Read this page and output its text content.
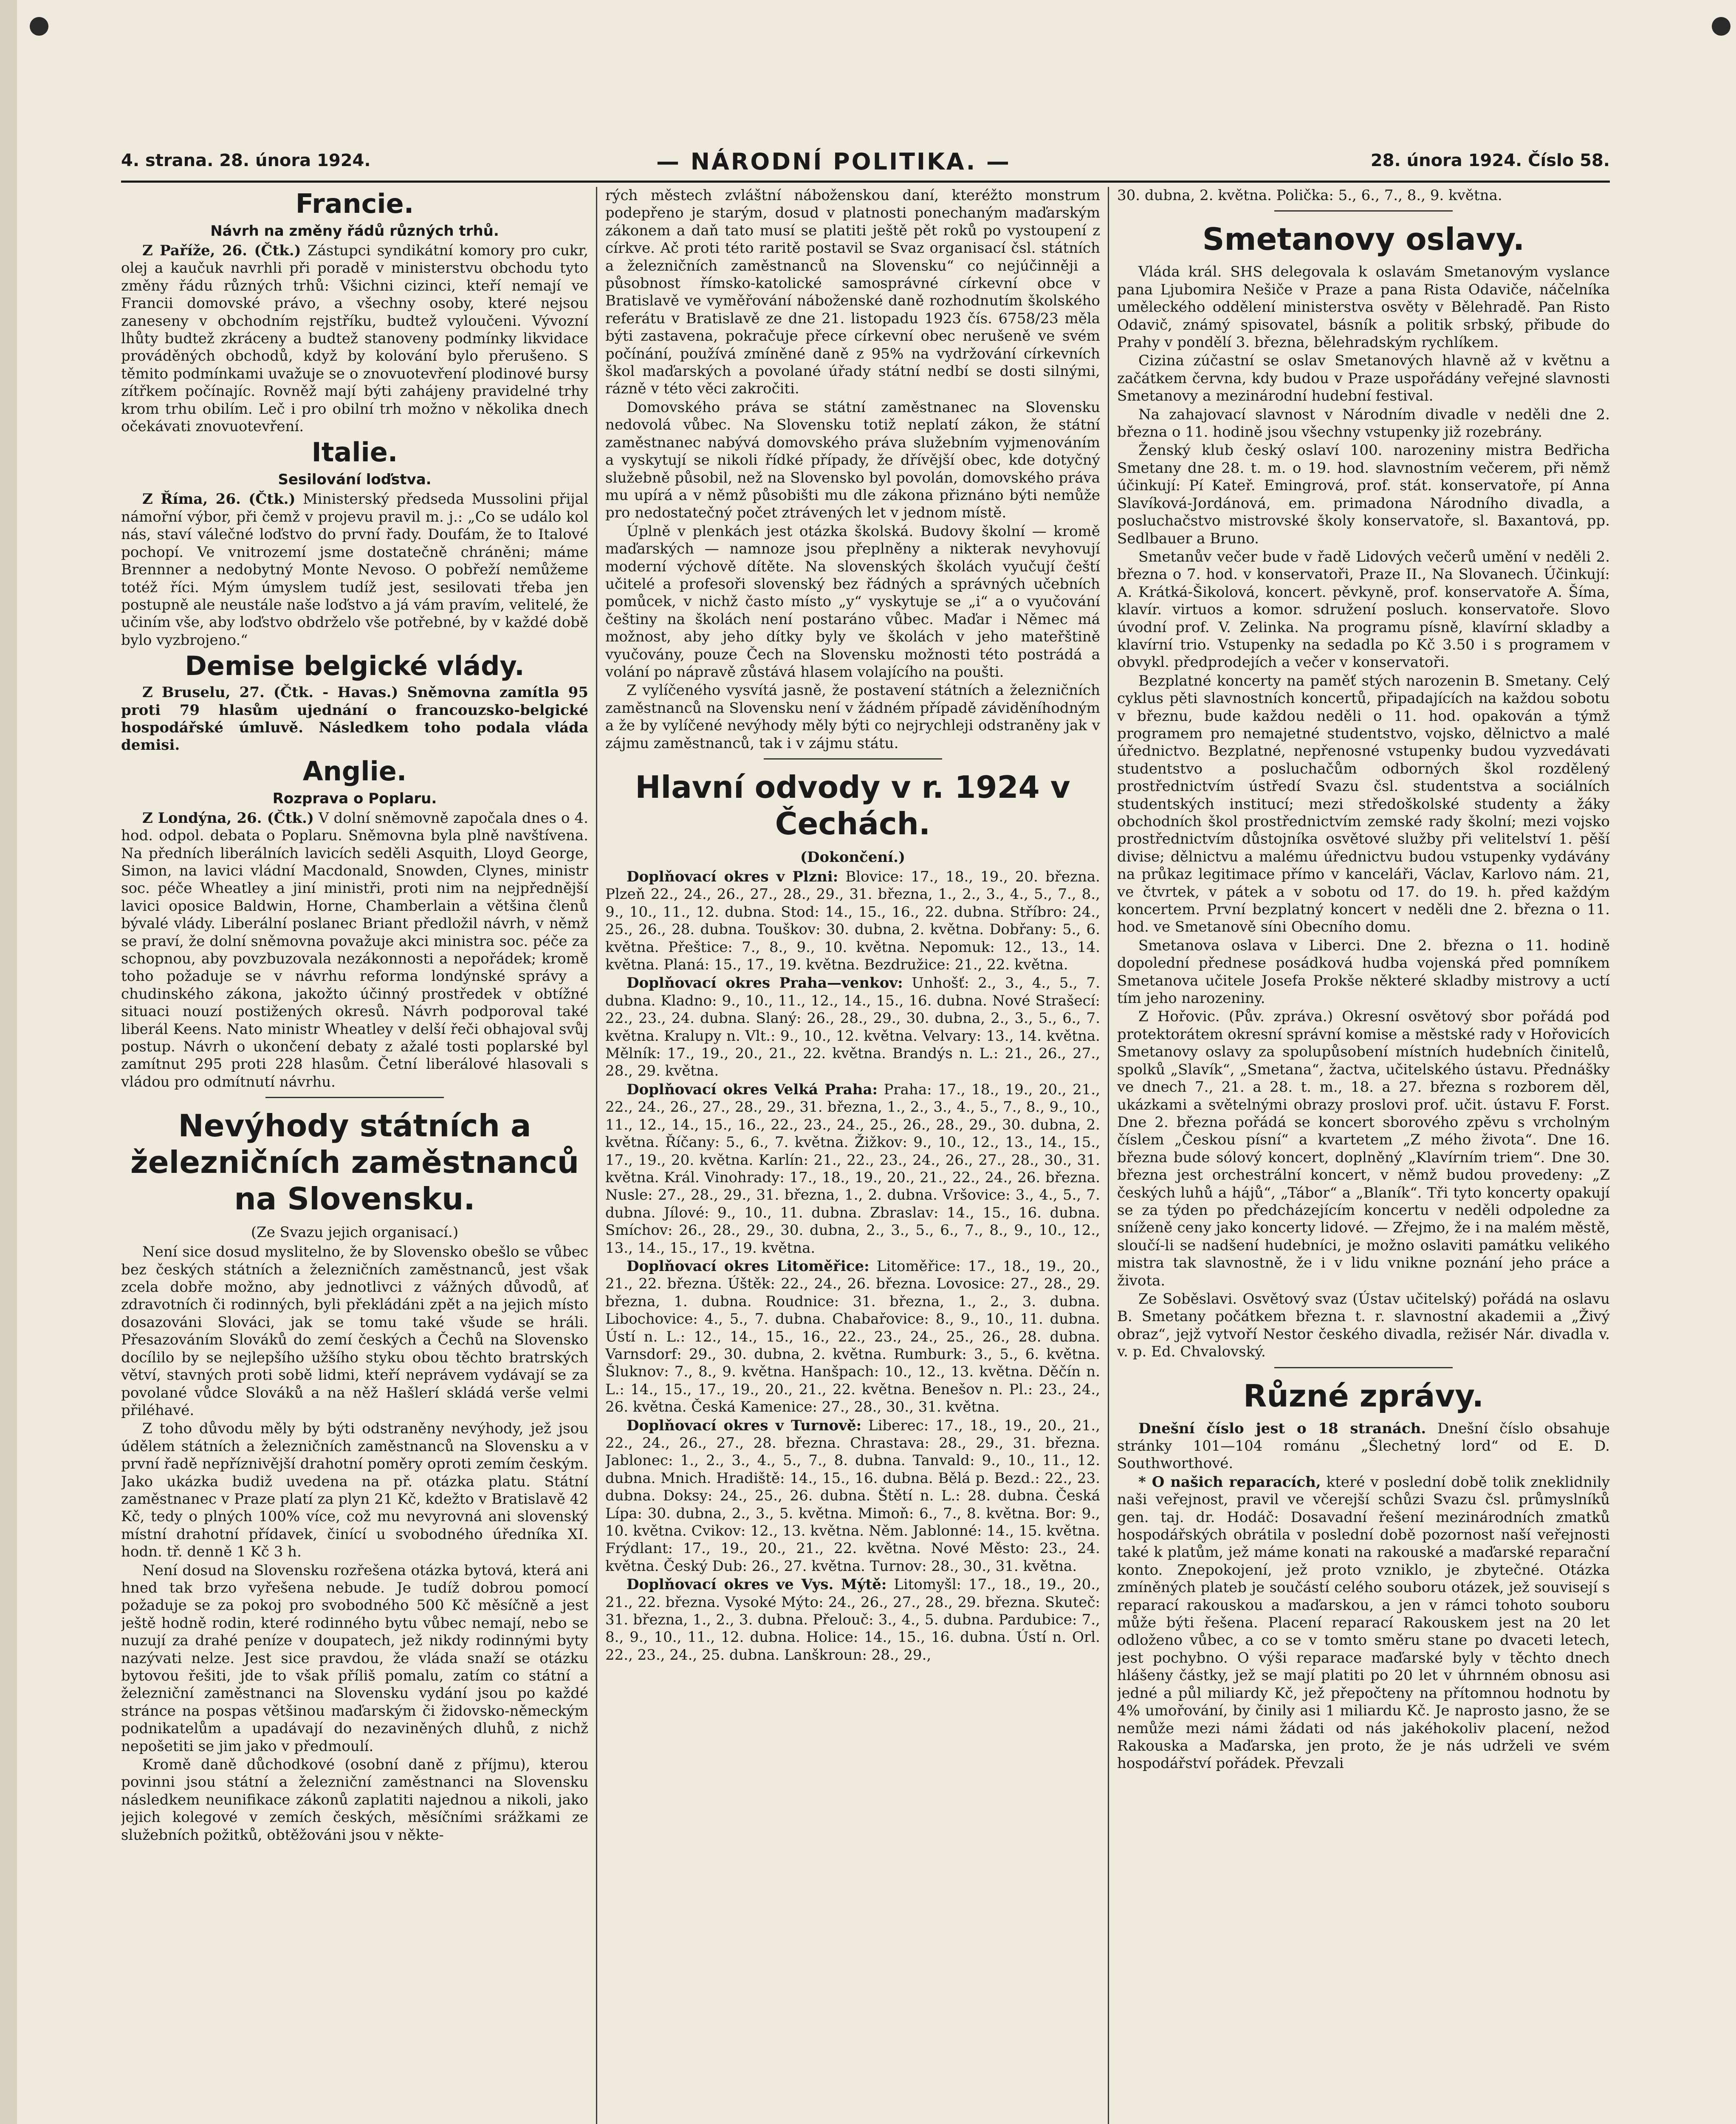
4. strana. 28. února 1924.	— NÁRODNÍ POLITIKA. —	28. února 1924. Číslo 58.
Francie.
Návrh na změny řádů různých trhů.

Z Paříže, 26. (Čtk.) Zástupci syndikátní komory pro cukr, olej a kaučuk navrhli při poradě v ministerstvu obchodu tyto změny řádu různých trhů: Všichni cizinci, kteří nemají ve Francii domovské právo, a všechny osoby, které nejsou zaneseny v obchodním rejstříku, budtež vyloučeni. Vývozní lhůty budtež zkráceny a budtež stanoveny podmínky likvidace prováděných obchodů, když by kolování bylo přerušeno. S těmito podmínkami uvažuje se o znovuotevření plodinové bursy zítřkem počínajíc. Rovněž mají býti zahájeny pravidelné trhy krom trhu obilím. Leč i pro obilní trh možno v několika dnech očekávati znovuotevření.

Italie.
Sesilování loďstva.

Z Říma, 26. (Čtk.) Ministerský předseda Mussolini přijal námořní výbor, při čemž v projevu pravil m. j.: „Co se událo kol nás, staví válečné loďstvo do první řady. Doufám, že to Italové pochopí. Ve vnitrozemí jsme dostatečně chráněni; máme Brennner a nedobytný Monte Nevoso. O pobřeží nemůžeme totéž říci. Mým úmyslem tudíž jest, sesilovati třeba jen postupně ale neustále naše loďstvo a já vám pravím, velitelé, že učiním vše, aby loďstvo obdrželo vše potřebné, by v každé době bylo vyzbrojeno.“

Demise belgické vlády.

Z Bruselu, 27. (Čtk. - Havas.) Sněmovna zamítla 95 proti 79 hlasům ujednání o francouzsko-belgické hospodářské úmluvě. Následkem toho podala vláda demisi.

Anglie.
Rozprava o Poplaru.

Z Londýna, 26. (Čtk.) V dolní sněmovně započala dnes o 4. hod. odpol. debata o Poplaru. Sněmovna byla plně navštívena. Na předních liberálních lavicích seděli Asquith, Lloyd George, Simon, na lavici vládní Macdonald, Snowden, Clynes, ministr soc. péče Wheatley a jiní ministři, proti nim na nejpřednější lavici oposice Baldwin, Horne, Chamberlain a většina členů bývalé vlády. Liberální poslanec Briant předložil návrh, v němž se praví, že dolní sněmovna považuje akci ministra soc. péče za schopnou, aby povzbuzovala nezákonnosti a nepořádek; kromě toho požaduje se v návrhu reforma londýnské správy a chudinského zákona, jakožto účinný prostředek v obtížné situaci nouzí postižených okresů. Návrh podporoval také liberál Keens. Nato ministr Wheatley v delší řeči obhajoval svůj postup. Návrh o ukončení debaty z ažalé tosti poplarské byl zamítnut 295 proti 228 hlasům. Četní liberálové hlasovali s vládou pro odmítnutí návrhu.

Nevýhody státních a železničních zaměstnanců na Slovensku.

(Ze Svazu jejich organisací.)

Není sice dosud myslitelno, že by Slovensko obešlo se vůbec bez českých státních a železničních zaměstnanců, jest však zcela dobře možno, aby jednotlivci z vážných důvodů, ať zdravotních či rodinných, byli překládáni zpět a na jejich místo dosazováni Slováci, jak se tomu také všude se hráli. Přesazováním Slováků do zemí českých a Čechů na Slovensko docílilo by se nejlepšího užšího styku obou těchto bratrských větví, stavných proti sobě lidmi, kteří neprávem vydávají se za povolané vůdce Slováků a na něž Hašlerí skládá verše velmi přiléhavé.

Z toho důvodu měly by býti odstraněny nevýhody, jež jsou údělem státních a železničních zaměstnanců na Slovensku a v první řadě nepříznivější drahotní poměry oproti zemím českým. Jako ukázka budiž uvedena na př. otázka platu. Státní zaměstnanec v Praze platí za plyn 21 Kč, kdežto v Bratislavě 42 Kč, tedy o plných 100% více, což mu nevyrovná ani slovenský místní drahotní přídavek, činící u svobodného úředníka XI. hodn. tř. denně 1 Kč 3 h.

Není dosud na Slovensku rozřešena otázka bytová, která ani hned tak brzo vyřešena nebude. Je tudíž dobrou pomocí požaduje se za pokoj pro svobodného 500 Kč měsíčně a jest ještě hodně rodin, které rodinného bytu vůbec nemají, nebo se nuzují za drahé peníze v doupatech, jež nikdy rodinnými byty nazývati nelze. Jest sice pravdou, že vláda snaží se otázku bytovou řešiti, jde to však příliš pomalu, zatím co státní a železniční zaměstnanci na Slovensku vydání jsou po každé stránce na pospas většinou maďarským či židovsko-německým podnikatelům a upadávají do nezaviněných dluhů, z nichž nepošetiti se jim jako v předmoulí.

Kromě daně důchodkové (osobní daně z příjmu), kterou povinni jsou státní a železniční zaměstnanci na Slovensku následkem neunifikace zákonů zaplatiti najednou a nikoli, jako jejich kolegové v zemích českých, měsíčními srážkami ze služebních požitků, obtěžováni jsou v někte-

rých městech zvláštní náboženskou daní, kteréžto monstrum podepřeno je starým, dosud v platnosti ponechaným maďarským zákonem a daň tato musí se platiti ještě pět roků po vystoupení z církve. Ač proti této raritě postavil se Svaz organisací čsl. státních a železničních zaměstnanců na Slovensku“ co nejúčinněji a působnost římsko-katolické samosprávné církevní obce v Bratislavě ve vyměřování náboženské daně rozhodnutím školského referátu v Bratislavě ze dne 21. listopadu 1923 čís. 6758/23 měla býti zastavena, pokračuje přece církevní obec nerušeně ve svém počínání, používá zmíněné daně z 95% na vydržování církevních škol maďarských a povolané úřady státní nedbí se dosti silnými, rázně v této věci zakročiti.

Domovského práva se státní zaměstnanec na Slovensku nedovolá vůbec. Na Slovensku totiž neplatí zákon, že státní zaměstnanec nabývá domovského práva služebním vyjmenováním a vyskytují se nikoli řídké případy, že dřívější obec, kde dotyčný služebně působil, než na Slovensko byl povolán, domovského práva mu upírá a v němž působišti mu dle zákona přiznáno býti nemůže pro nedostatečný počet ztrávených let v jednom místě.

Úplně v plenkách jest otázka školská. Budovy školní — kromě maďarských — namnoze jsou přeplněny a nikterak nevyhovují moderní výchově dítěte. Na slovenských školách vyučují čeští učitelé a profesoři slovenský bez řádných a správných učebních pomůcek, v nichž často místo „y“ vyskytuje se „i“ a o vyučování češtiny na školách není postaráno vůbec. Maďar i Němec má možnost, aby jeho dítky byly ve školách v jeho mateřštině vyučovány, pouze Čech na Slovensku možnosti této postrádá a volání po nápravě zůstává hlasem volajícího na poušti.

Z vylíčeného vysvítá jasně, že postavení státních a železničních zaměstnanců na Slovensku není v žádném případě záviděníhodným a že by vylíčené nevýhody měly býti co nejrychleji odstraněny jak v zájmu zaměstnanců, tak i v zájmu státu.

Hlavní odvody v r. 1924 v Čechách.

(Dokončení.)

Doplňovací okres v Plzni: Blovice: 17., 18., 19., 20. března. Plzeň 22., 24., 26., 27., 28., 29., 31. března, 1., 2., 3., 4., 5., 7., 8., 9., 10., 11., 12. dubna. Stod: 14., 15., 16., 22. dubna. Stříbro: 24., 25., 26., 28. dubna. Touškov: 30. dubna, 2. května. Dobřany: 5., 6. května. Přeštice: 7., 8., 9., 10. května. Nepomuk: 12., 13., 14. května. Planá: 15., 17., 19. května. Bezdružice: 21., 22. května.

Doplňovací okres Praha—venkov: Unhošť: 2., 3., 4., 5., 7. dubna. Kladno: 9., 10., 11., 12., 14., 15., 16. dubna. Nové Strašecí: 22., 23., 24. dubna. Slaný: 26., 28., 29., 30. dubna, 2., 3., 5., 6., 7. května. Kralupy n. Vlt.: 9., 10., 12. května. Velvary: 13., 14. května. Mělník: 17., 19., 20., 21., 22. května. Brandýs n. L.: 21., 26., 27., 28., 29. května.

Doplňovací okres Velká Praha: Praha: 17., 18., 19., 20., 21., 22., 24., 26., 27., 28., 29., 31. března, 1., 2., 3., 4., 5., 7., 8., 9., 10., 11., 12., 14., 15., 16., 22., 23., 24., 25., 26., 28., 29., 30. dubna, 2. května. Říčany: 5., 6., 7. května. Žižkov: 9., 10., 12., 13., 14., 15., 17., 19., 20. května. Karlín: 21., 22., 23., 24., 26., 27., 28., 30., 31. května. Král. Vinohrady: 17., 18., 19., 20., 21., 22., 24., 26. března. Nusle: 27., 28., 29., 31. března, 1., 2. dubna. Vršovice: 3., 4., 5., 7. dubna. Jílové: 9., 10., 11. dubna. Zbraslav: 14., 15., 16. dubna. Smíchov: 26., 28., 29., 30. dubna, 2., 3., 5., 6., 7., 8., 9., 10., 12., 13., 14., 15., 17., 19. května.

Doplňovací okres Litoměřice: Litoměřice: 17., 18., 19., 20., 21., 22. března. Úštěk: 22., 24., 26. března. Lovosice: 27., 28., 29. března, 1. dubna. Roudnice: 31. března, 1., 2., 3. dubna. Libochovice: 4., 5., 7. dubna. Chabařovice: 8., 9., 10., 11. dubna. Ústí n. L.: 12., 14., 15., 16., 22., 23., 24., 25., 26., 28. dubna. Varnsdorf: 29., 30. dubna, 2. května. Rumburk: 3., 5., 6. května. Šluknov: 7., 8., 9. května. Hanšpach: 10., 12., 13. května. Děčín n. L.: 14., 15., 17., 19., 20., 21., 22. května. Benešov n. Pl.: 23., 24., 26. května. Česká Kamenice: 27., 28., 30., 31. května.

Doplňovací okres v Turnově: Liberec: 17., 18., 19., 20., 21., 22., 24., 26., 27., 28. března. Chrastava: 28., 29., 31. března. Jablonec: 1., 2., 3., 4., 5., 7., 8. dubna. Tanvald: 9., 10., 11., 12. dubna. Mnich. Hradiště: 14., 15., 16. dubna. Bělá p. Bezd.: 22., 23. dubna. Doksy: 24., 25., 26. dubna. Štětí n. L.: 28. dubna. Česká Lípa: 30. dubna, 2., 3., 5. května. Mimoň: 6., 7., 8. května. Bor: 9., 10. května. Cvikov: 12., 13. května. Něm. Jablonné: 14., 15. května. Frýdlant: 17., 19., 20., 21., 22. května. Nové Město: 23., 24. května. Český Dub: 26., 27. května. Turnov: 28., 30., 31. května.

Doplňovací okres ve Vys. Mýtě: Litomyšl: 17., 18., 19., 20., 21., 22. března. Vysoké Mýto: 24., 26., 27., 28., 29. března. Skuteč: 31. března, 1., 2., 3. dubna. Přelouč: 3., 4., 5. dubna. Pardubice: 7., 8., 9., 10., 11., 12. dubna. Holice: 14., 15., 16. dubna. Ústí n. Orl. 22., 23., 24., 25. dubna. Lanškroun: 28., 29.,

30. dubna, 2. května. Polička: 5., 6., 7., 8., 9. května.

Smetanovy oslavy.

Vláda král. SHS delegovala k oslavám Smetanovým vyslance pana Ljubomira Nešiče v Praze a pana Rista Odaviče, náčelníka uměleckého oddělení ministerstva osvěty v Bělehradě. Pan Risto Odavič, známý spisovatel, básník a politik srbský, přibude do Prahy v pondělí 3. března, bělehradským rychlíkem.

Cizina zúčastní se oslav Smetanových hlavně až v květnu a začátkem června, kdy budou v Praze uspořádány veřejné slavnosti Smetanovy a mezinárodní hudební festival.

Na zahajovací slavnost v Národním divadle v neděli dne 2. března o 11. hodině jsou všechny vstupenky již rozebrány.

Ženský klub český oslaví 100. narozeniny mistra Bedřicha Smetany dne 28. t. m. o 19. hod. slavnostním večerem, při němž účinkují: Pí Kateř. Emingrová, prof. stát. konservatoře, pí Anna Slavíková-Jordánová, em. primadona Národního divadla, a posluchačstvo mistrovské školy konservatoře, sl. Baxantová, pp. Sedlbauer a Bruno.

Smetanův večer bude v řadě Lidových večerů umění v neděli 2. března o 7. hod. v konservatoři, Praze II., Na Slovanech. Účinkují: A. Krátká-Šikolová, koncert. pěvkyně, prof. konservatoře A. Šíma, klavír. virtuos a komor. sdružení posluch. konservatoře. Slovo úvodní prof. V. Zelinka. Na programu písně, klavírní skladby a klavírní trio. Vstupenky na sedadla po Kč 3.50 i s programem v obvykl. předprodejích a večer v konservatoři.

Bezplatné koncerty na paměť stých narozenin B. Smetany. Celý cyklus pěti slavnostních koncertů, připadajících na každou sobotu v březnu, bude každou neděli o 11. hod. opakován a týmž programem pro nemajetné studentstvo, vojsko, dělnictvo a malé úřednictvo. Bezplatné, nepřenosné vstupenky budou vyzvedávati studentstvo a posluchačům odborných škol rozdělený prostřednictvím ústředí Svazu čsl. studentstva a sociálních studentských institucí; mezi středoškolské studenty a žáky obchodních škol prostřednictvím zemské rady školní; mezi vojsko prostřednictvím důstojníka osvětové služby při velitelství 1. pěší divise; dělnictvu a malému úřednictvu budou vstupenky vydávány na průkaz legitimace přímo v kanceláři, Václav, Karlovo nám. 21, ve čtvrtek, v pátek a v sobotu od 17. do 19. h. před každým koncertem. První bezplatný koncert v neděli dne 2. března o 11. hod. ve Smetanově síni Obecního domu.

Smetanova oslava v Liberci. Dne 2. března o 11. hodině dopolední přednese posádková hudba vojenská před pomníkem Smetanova učitele Josefa Prokše některé skladby mistrovy a uctí tím jeho narozeniny.

Z Hořovic. (Pův. zpráva.) Okresní osvětový sbor pořádá pod protektorátem okresní správní komise a městské rady v Hořovicích Smetanovy oslavy za spolupůsobení místních hudebních činitelů, spolků „Slavík“, „Smetana“, žactva, učitelského ústavu. Přednášky ve dnech 7., 21. a 28. t. m., 18. a 27. března s rozborem děl, ukázkami a světelnými obrazy proslovi prof. učit. ústavu F. Forst. Dne 2. března pořádá se koncert sborového zpěvu s vrcholným číslem „Českou písní“ a kvartetem „Z mého života“. Dne 16. března bude sólový koncert, doplněný „Klavírním triem“. Dne 30. března jest orchestrální koncert, v němž budou provedeny: „Z českých luhů a hájů“, „Tábor“ a „Blaník“. Tři tyto koncerty opakují se za týden po předcházejícím koncertu v neděli odpoledne za sníženě ceny jako koncerty lidové. — Zřejmo, že i na malém městě, sloučí-li se nadšení hudebníci, je možno oslaviti památku velikého mistra tak slavnostně, že i v lidu vnikne poznání jeho práce a života.

Ze Soběslavi. Osvětový svaz (Ústav učitelský) pořádá na oslavu B. Smetany počátkem března t. r. slavnostní akademii a „Živý obraz“, jejž vytvoří Nestor českého divadla, režisér Nár. divadla v. v. p. Ed. Chvalovský.

Různé zprávy.

Dnešní číslo jest o 18 stranách. Dnešní číslo obsahuje stránky 101—104 románu „Šlechetný lord“ od E. D. Southworthové.

* O našich reparacích, které v poslední době tolik zneklidnily naši veřejnost, pravil ve včerejší schůzi Svazu čsl. průmyslníků gen. taj. dr. Hodáč: Dosavadní řešení mezinárodních zmatků hospodářských obrátila v poslední době pozornost naší veřejnosti také k platům, jež máme konati na rakouské a maďarské reparační konto. Znepokojení, jež proto vzniklo, je zbytečné. Otázka zmíněných plateb je součástí celého souboru otázek, jež souvisejí s reparací rakouskou a maďarskou, a jen v rámci tohoto souboru může býti řešena. Placení reparací Rakouskem jest na 20 let odloženo vůbec, a co se v tomto směru stane po dvaceti letech, jest pochybno. O výši reparace maďarské byly v těchto dnech hlášeny částky, jež se mají platiti po 20 let v úhrnném obnosu asi jedné a půl miliardy Kč, jež přepočteny na přítomnou hodnotu by 4% umořování, by činily asi 1 miliardu Kč. Je naprosto jasno, že se nemůže mezi námi žádati od nás jakéhokoliv placení, nežod Rakouska a Maďarska, jen proto, že je nás udrželi ve svém hospodářství pořádek. Převzali
